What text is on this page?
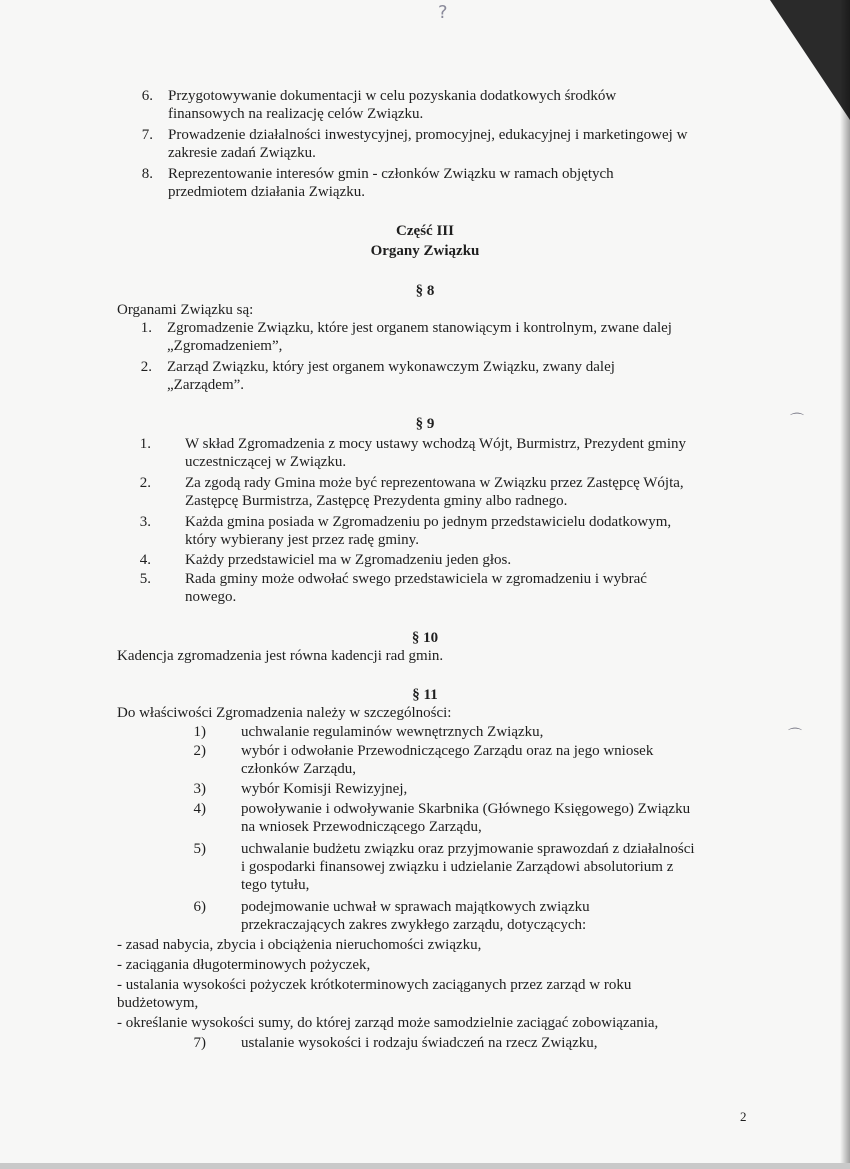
?
6. Przygotowywanie dokumentacji w celu pozyskania dodatkowych środków
finansowych na realizację celów Związku.
7. Prowadzenie działalności inwestycyjnej, promocyjnej, edukacyjnej i marketingowej w
zakresie zadań Związku.
8. Reprezentowanie interesów gmin - członków Związku w ramach objętych
przedmiotem działania Związku.
Część III
Organy Związku
§ 8
Organami Związku są:
1. Zgromadzenie Związku, które jest organem stanowiącym i kontrolnym, zwane dalej
„Zgromadzeniem”,
2. Zarząd Związku, który jest organem wykonawczym Związku, zwany dalej
„Zarządem”.
§ 9
1. W skład Zgromadzenia z mocy ustawy wchodzą Wójt, Burmistrz, Prezydent gminy
uczestniczącej w Związku.
2. Za zgodą rady Gmina może być reprezentowana w Związku przez Zastępcę Wójta,
Zastępcę Burmistrza, Zastępcę Prezydenta gminy albo radnego.
3. Każda gmina posiada w Zgromadzeniu po jednym przedstawicielu dodatkowym,
który wybierany jest przez radę gminy.
4. Każdy przedstawiciel ma w Zgromadzeniu jeden głos.
5. Rada gminy może odwołać swego przedstawiciela w zgromadzeniu i wybrać
nowego.
§ 10
Kadencja zgromadzenia jest równa kadencji rad gmin.
§ 11
Do właściwości Zgromadzenia należy w szczególności:
1) uchwalanie regulaminów wewnętrznych Związku,
2) wybór i odwołanie Przewodniczącego Zarządu oraz na jego wniosek
członków Zarządu,
3) wybór Komisji Rewizyjnej,
4) powoływanie i odwoływanie Skarbnika (Głównego Księgowego) Związku
na wniosek Przewodniczącego Zarządu,
5) uchwalanie budżetu związku oraz przyjmowanie sprawozdań z działalności
i gospodarki finansowej związku i udzielanie Zarządowi absolutorium z
tego tytułu,
6) podejmowanie uchwał w sprawach majątkowych związku
przekraczających zakres zwykłego zarządu, dotyczących:
- zasad nabycia, zbycia i obciążenia nieruchomości związku,
- zaciągania długoterminowych pożyczek,
- ustalania wysokości pożyczek krótkoterminowych zaciąganych przez zarząd w roku
budżetowym,
- określanie wysokości sumy, do której zarząd może samodzielnie zaciągać zobowiązania,
7) ustalanie wysokości i rodzaju świadczeń na rzecz Związku,
2
⌒
⌒
